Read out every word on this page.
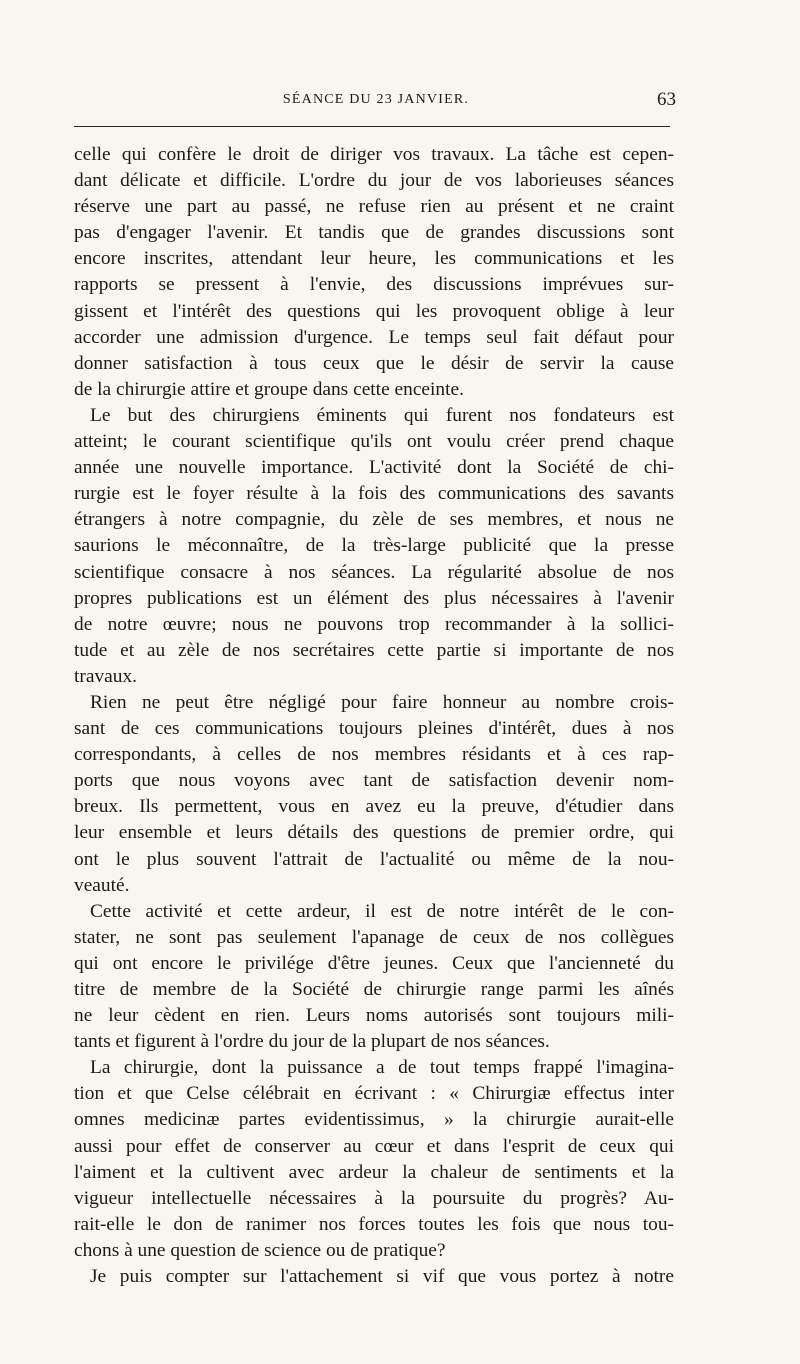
SÉANCE DU 23 JANVIER.	63
celle qui confère le droit de diriger vos travaux. La tâche est cepen-
dant délicate et difficile. L'ordre du jour de vos laborieuses séances
réserve une part au passé, ne refuse rien au présent et ne craint
pas d'engager l'avenir. Et tandis que de grandes discussions sont
encore inscrites, attendant leur heure, les communications et les
rapports se pressent à l'envie, des discussions imprévues sur-
gissent et l'intérêt des questions qui les provoquent oblige à leur
accorder une admission d'urgence. Le temps seul fait défaut pour
donner satisfaction à tous ceux que le désir de servir la cause
de la chirurgie attire et groupe dans cette enceinte.
Le but des chirurgiens éminents qui furent nos fondateurs est
atteint; le courant scientifique qu'ils ont voulu créer prend chaque
année une nouvelle importance. L'activité dont la Société de chi-
rurgie est le foyer résulte à la fois des communications des savants
étrangers à notre compagnie, du zèle de ses membres, et nous ne
saurions le méconnaître, de la très-large publicité que la presse
scientifique consacre à nos séances. La régularité absolue de nos
propres publications est un élément des plus nécessaires à l'avenir
de notre œuvre; nous ne pouvons trop recommander à la sollici-
tude et au zèle de nos secrétaires cette partie si importante de nos
travaux.
Rien ne peut être négligé pour faire honneur au nombre crois-
sant de ces communications toujours pleines d'intérêt, dues à nos
correspondants, à celles de nos membres résidants et à ces rap-
ports que nous voyons avec tant de satisfaction devenir nom-
breux. Ils permettent, vous en avez eu la preuve, d'étudier dans
leur ensemble et leurs détails des questions de premier ordre, qui
ont le plus souvent l'attrait de l'actualité ou même de la nou-
veauté.
Cette activité et cette ardeur, il est de notre intérêt de le con-
stater, ne sont pas seulement l'apanage de ceux de nos collègues
qui ont encore le privilége d'être jeunes. Ceux que l'ancienneté du
titre de membre de la Société de chirurgie range parmi les aînés
ne leur cèdent en rien. Leurs noms autorisés sont toujours mili-
tants et figurent à l'ordre du jour de la plupart de nos séances.
La chirurgie, dont la puissance a de tout temps frappé l'imagina-
tion et que Celse célébrait en écrivant : « Chirurgiæ effectus inter
omnes medicinæ partes evidentissimus, » la chirurgie aurait-elle
aussi pour effet de conserver au cœur et dans l'esprit de ceux qui
l'aiment et la cultivent avec ardeur la chaleur de sentiments et la
vigueur intellectuelle nécessaires à la poursuite du progrès? Au-
rait-elle le don de ranimer nos forces toutes les fois que nous tou-
chons à une question de science ou de pratique?
Je puis compter sur l'attachement si vif que vous portez à notre
